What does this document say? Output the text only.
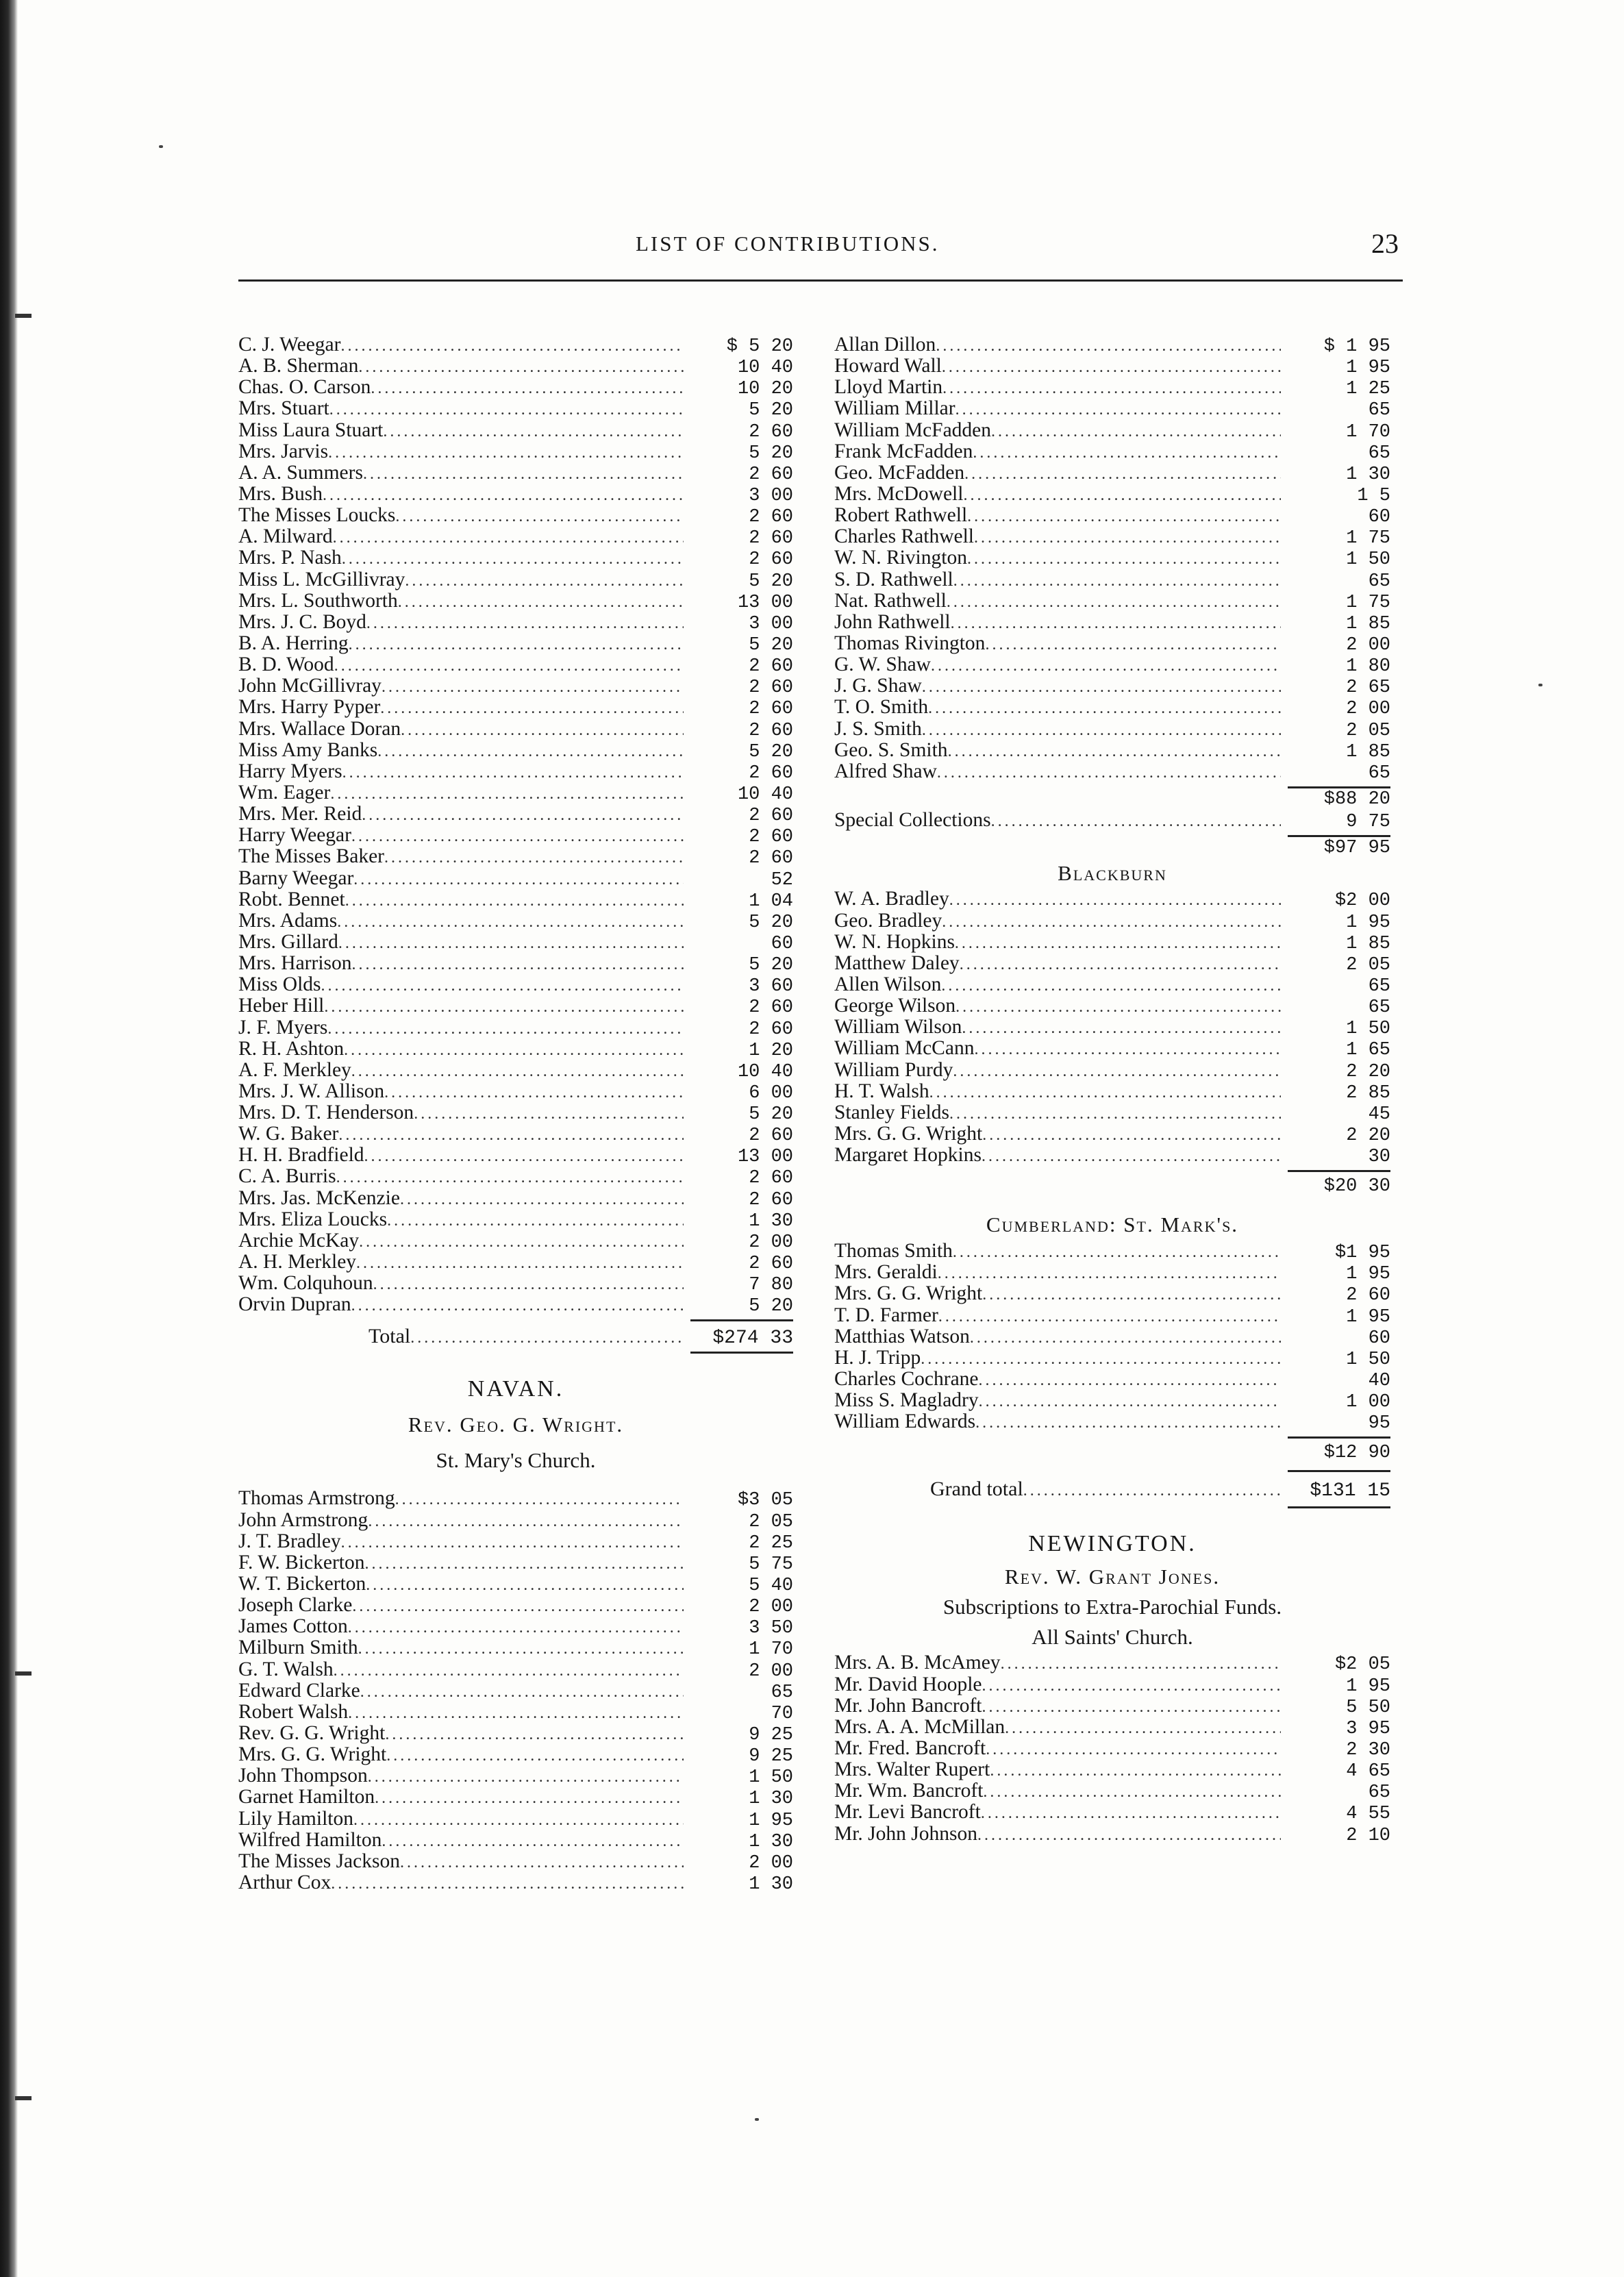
LIST OF CONTRIBUTIONS.	23
C. J. Weegar .....	$ 5 20
A. B. Sherman .....	10 40
Chas. O. Carson .....	10 20
Mrs. Stuart .....	5 20
Miss Laura Stuart .....	2 60
Mrs. Jarvis .....	5 20
A. A. Summers .....	2 60
Mrs. Bush .....	3 00
The Misses Loucks .....	2 60
A. Milward .....	2 60
Mrs. P. Nash .....	2 60
Miss L. McGillivray .....	5 20
Mrs. L. Southworth .....	13 00
Mrs. J. C. Boyd .....	3 00
B. A. Herring .....	5 20
B. D. Wood .....	2 60
John McGillivray .....	2 60
Mrs. Harry Pyper .....	2 60
Mrs. Wallace Doran .....	2 60
Miss Amy Banks .....	5 20
Harry Myers .....	2 60
Wm. Eager .....	10 40
Mrs. Mer. Reid .....	2 60
Harry Weegar .....	2 60
The Misses Baker .....	2 60
Barny Weegar .....	52
Robt. Bennet .....	1 04
Mrs. Adams .....	5 20
Mrs. Gillard .....	60
Mrs. Harrison .....	5 20
Miss Olds .....	3 60
Heber Hill .....	2 60
J. F. Myers .....	2 60
R. H. Ashton .....	1 20
A. F. Merkley .....	10 40
Mrs. J. W. Allison .....	6 00
Mrs. D. T. Henderson .....	5 20
W. G. Baker .....	2 60
H. H. Bradfield .....	13 00
C. A. Burris .....	2 60
Mrs. Jas. McKenzie .....	2 60
Mrs. Eliza Loucks .....	1 30
Archie McKay .....	2 00
A. H. Merkley .....	2 60
Wm. Colquhoun .....	7 80
Orvin Dupran .....	5 20
Total .....	$274 33
NAVAN.
Rev. Geo. G. Wright.
St. Mary's Church.
Thomas Armstrong .....	$3 05
John Armstrong .....	2 05
J. T. Bradley .....	2 25
F. W. Bickerton .....	5 75
W. T. Bickerton .....	5 40
Joseph Clarke .....	2 00
James Cotton .....	3 50
Milburn Smith .....	1 70
G. T. Walsh .....	2 00
Edward Clarke .....	65
Robert Walsh .....	70
Rev. G. G. Wright .....	9 25
Mrs. G. G. Wright .....	9 25
John Thompson .....	1 50
Garnet Hamilton .....	1 30
Lily Hamilton .....	1 95
Wilfred Hamilton .....	1 30
The Misses Jackson .....	2 00
Arthur Cox .....	1 30
Allan Dillon .....	$ 1 95
Howard Wall .....	1 95
Lloyd Martin .....	1 25
William Millar .....	65
William McFadden .....	1 70
Frank McFadden .....	65
Geo. McFadden .....	1 30
Mrs. McDowell .....	1 5
Robert Rathwell .....	60
Charles Rathwell .....	1 75
W. N. Rivington .....	1 50
S. D. Rathwell .....	65
Nat. Rathwell .....	1 75
John Rathwell .....	1 85
Thomas Rivington .....	2 00
G. W. Shaw .....	1 80
J. G. Shaw .....	2 65
T. O. Smith .....	2 00
J. S. Smith .....	2 05
Geo. S. Smith .....	1 85
Alfred Shaw .....	65
$88 20
Special Collections .....	9 75
$97 95
Blackburn
W. A. Bradley .....	$2 00
Geo. Bradley .....	1 95
W. N. Hopkins .....	1 85
Matthew Daley .....	2 05
Allen Wilson .....	65
George Wilson .....	65
William Wilson .....	1 50
William McCann .....	1 65
William Purdy .....	2 20
H. T. Walsh .....	2 85
Stanley Fields .....	45
Mrs. G. G. Wright .....	2 20
Margaret Hopkins .....	30
$20 30
Cumberland: St. Mark's.
Thomas Smith .....	$1 95
Mrs. Geraldi .....	1 95
Mrs. G. G. Wright .....	2 60
T. D. Farmer .....	1 95
Matthias Watson .....	60
H. J. Tripp .....	1 50
Charles Cochrane .....	40
Miss S. Magladry .....	1 00
William Edwards .....	95
$12 90
Grand total .....	$131 15
NEWINGTON.
Rev. W. Grant Jones.
Subscriptions to Extra-Parochial Funds.
All Saints' Church.
Mrs. A. B. McAmey .....	$2 05
Mr. David Hoople .....	1 95
Mr. John Bancroft .....	5 50
Mrs. A. A. McMillan .....	3 95
Mr. Fred. Bancroft .....	2 30
Mrs. Walter Rupert .....	4 65
Mr. Wm. Bancroft .....	65
Mr. Levi Bancroft .....	4 55
Mr. John Johnson .....	2 10
